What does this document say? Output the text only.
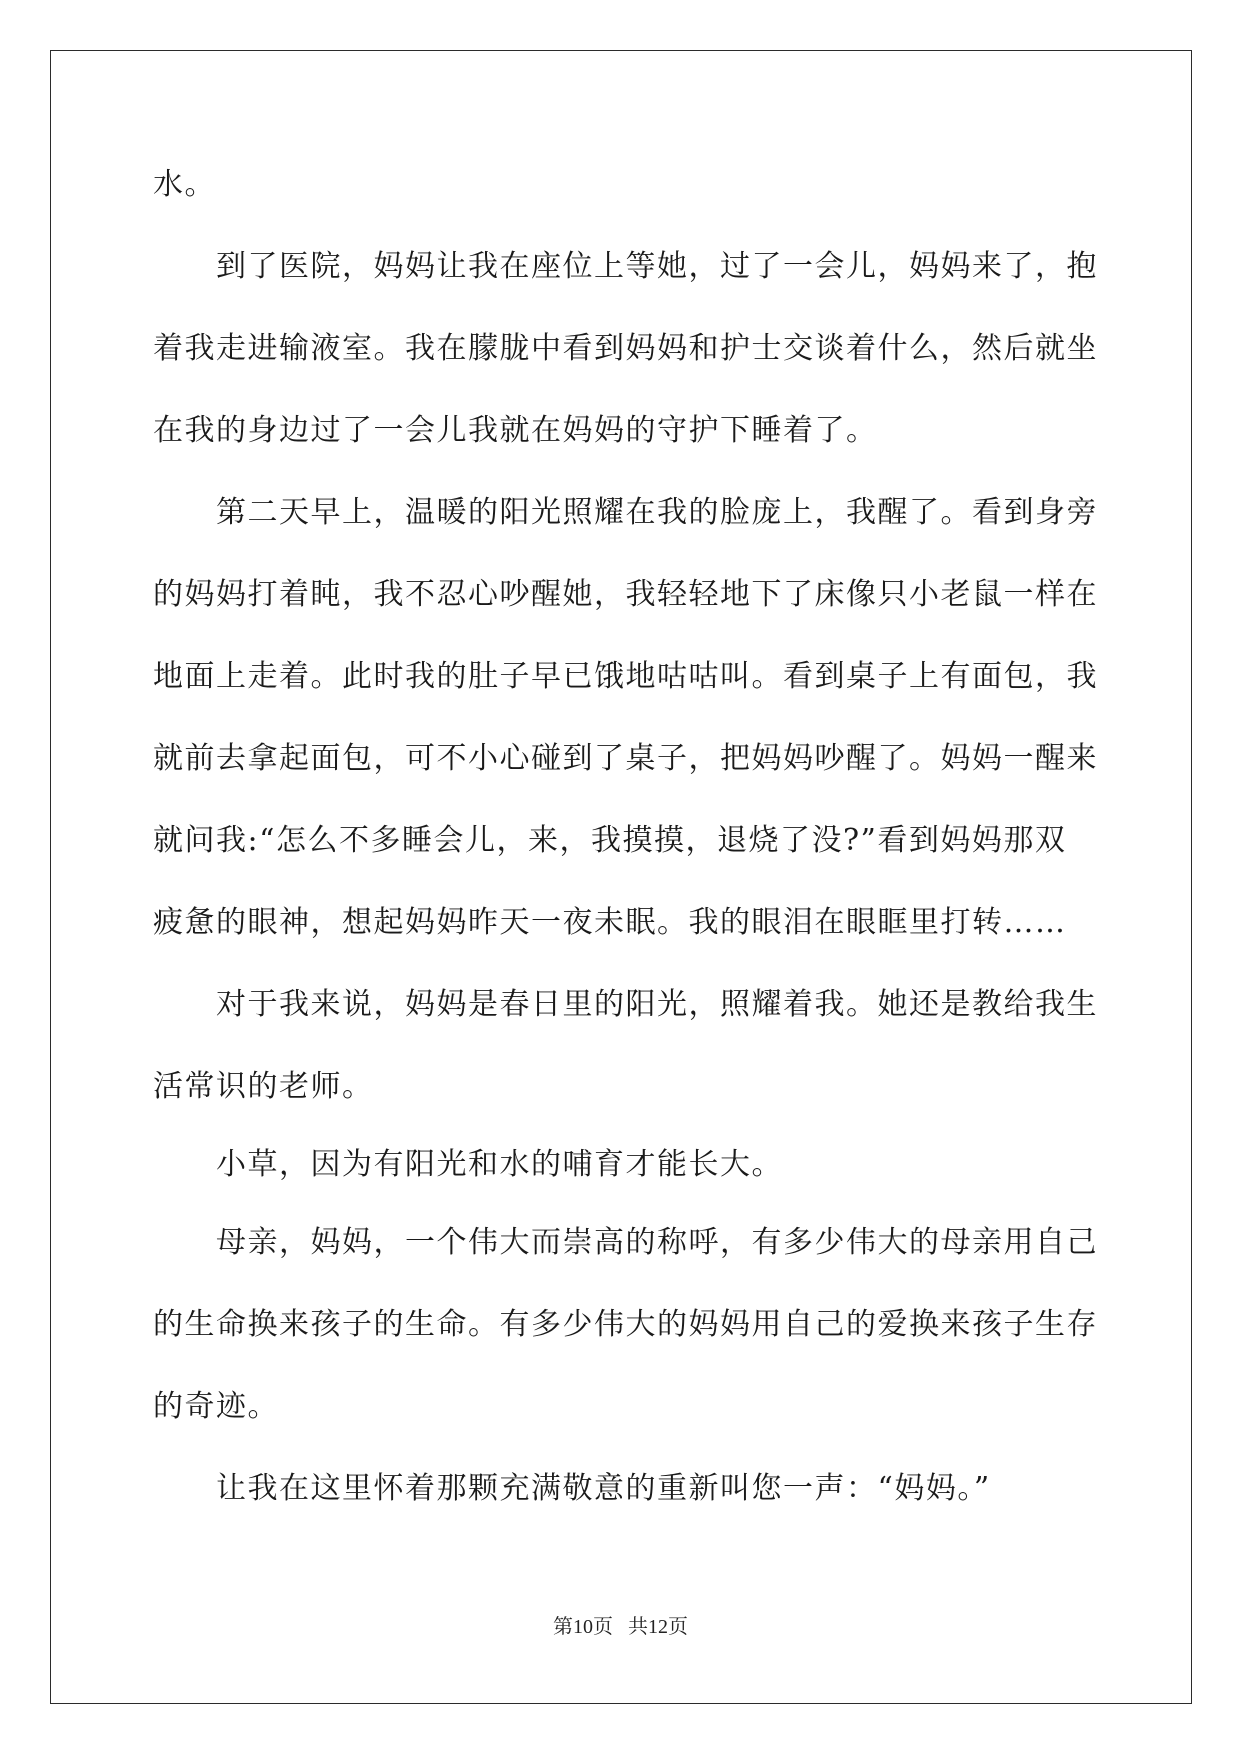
水。
到了医院，妈妈让我在座位上等她，过了一会儿，妈妈来了，抱
着我走进输液室。我在朦胧中看到妈妈和护士交谈着什么，然后就坐
在我的身边过了一会儿我就在妈妈的守护下睡着了。
第二天早上，温暖的阳光照耀在我的脸庞上，我醒了。看到身旁
的妈妈打着盹，我不忍心吵醒她，我轻轻地下了床像只小老鼠一样在
地面上走着。此时我的肚子早已饿地咕咕叫。看到桌子上有面包，我
就前去拿起面包，可不小心碰到了桌子，把妈妈吵醒了。妈妈一醒来
就问我:“怎么不多睡会儿，来，我摸摸，退烧了没?”看到妈妈那双
疲惫的眼神，想起妈妈昨天一夜未眠。我的眼泪在眼眶里打转……
对于我来说，妈妈是春日里的阳光，照耀着我。她还是教给我生
活常识的老师。
小草，因为有阳光和水的哺育才能长大。
母亲，妈妈，一个伟大而崇高的称呼，有多少伟大的母亲用自己
的生命换来孩子的生命。有多少伟大的妈妈用自己的爱换来孩子生存
的奇迹。
让我在这里怀着那颗充满敬意的重新叫您一声：“妈妈。”
第10页 共12页
